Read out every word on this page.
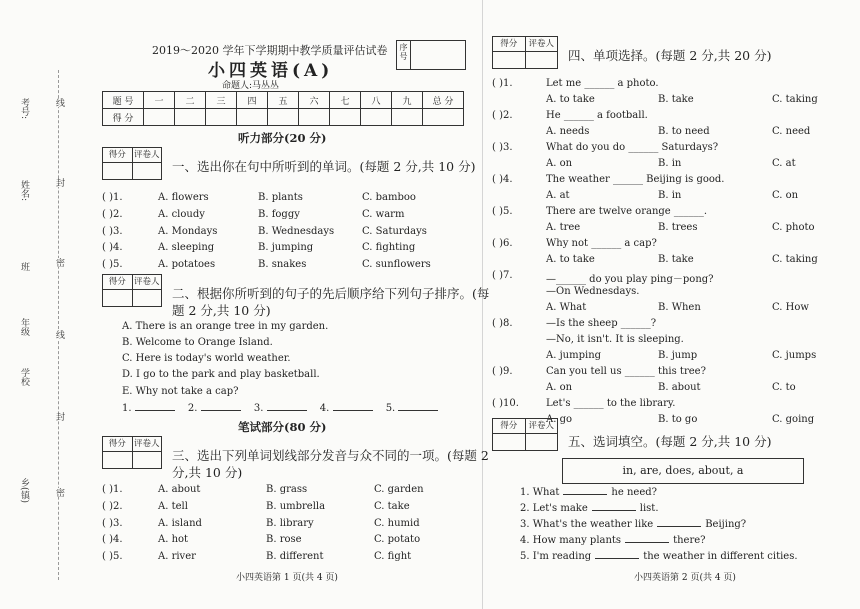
考号:
姓名:
班
年级
学校
乡(镇)
线
封
密
线
封
密
2019～2020 学年下学期期中教学质量评估试卷	序号
小四英语(A)
命题人:马丛丛
题 号	一	二	三	四	五	六	七	八	九	总 分
得 分										
听力部分(20 分)
得分 评卷人
一、选出你在句中所听到的单词。(每题 2 分,共 10 分)
( )1.	A. flowers	B. plants	C. bamboo
( )2.	A. cloudy	B. foggy	C. warm
( )3.	A. Mondays	B. Wednesdays	C. Saturdays
( )4.	A. sleeping	B. jumping	C. fighting
( )5.	A. potatoes	B. snakes	C. sunflowers
得分 评卷人
二、根据你所听到的句子的先后顺序给下列句子排序。(每
题 2 分,共 10 分)
A. There is an orange tree in my garden.
B. Welcome to Orange Island.
C. Here is today's world weather.
D. I go to the park and play basketball.
E. Why not take a cap?
1.	2.	3.	4.	5.
笔试部分(80 分)
得分 评卷人
三、选出下列单词划线部分发音与众不同的一项。(每题 2
分,共 10 分)
( )1.	A. about	B. grass	C. garden
( )2.	A. tell	B. umbrella	C. take
( )3.	A. island	B. library	C. humid
( )4.	A. hot	B. rose	C. potato
( )5.	A. river	B. different	C. fight
小四英语第 1 页(共 4 页)
得分	评卷人
四、单项选择。(每题 2 分,共 20 分)
( )1.	Let me ______ a photo.
A. to take	B. take	C. taking
( )2.	He ______ a football.
A. needs	B. to need	C. need
( )3.	What do you do ______ Saturdays?
A. on	B. in	C. at
( )4.	The weather ______ Beijing is good.
A. at	B. in	C. on
( )5.	There are twelve orange ______.
A. tree	B. trees	C. photo
( )6.	Why not ______ a cap?
A. to take	B. take	C. taking
( )7.	—______ do you play ping－pong?
—On Wednesdays.
A. What	B. When	C. How
( )8.	—Is the sheep ______?
—No, it isn't. It is sleeping.
A. jumping	B. jump	C. jumps
( )9.	Can you tell us ______ this tree?
A. on	B. about	C. to
( )10.	Let's ______ to the library.
A. go	B. to go	C. going
得分	评卷人
五、选词填空。(每题 2 分,共 10 分)
in, are, does, about, a
1. What	he need?
2. Let's make	list.
3. What's the weather like	Beijing?
4. How many plants	there?
5. I'm reading	the weather in different cities.
小四英语第 2 页(共 4 页)
